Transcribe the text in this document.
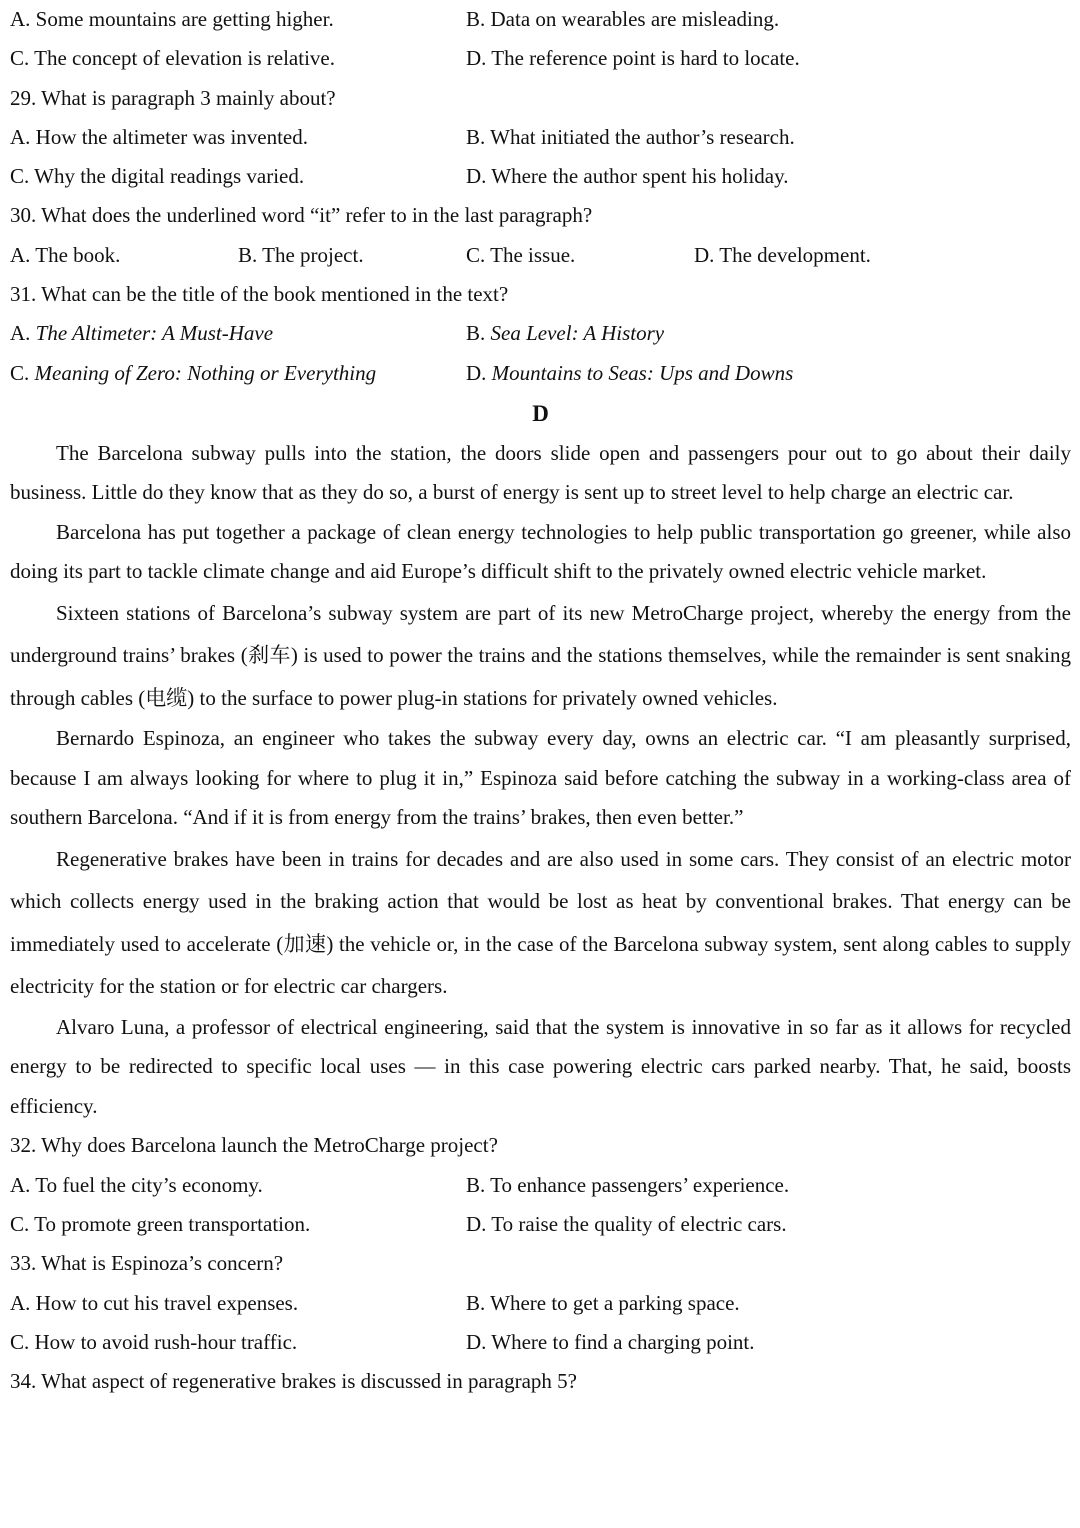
A. Some mountains are getting higher.	B. Data on wearables are misleading.
C. The concept of elevation is relative.	D. The reference point is hard to locate.
29. What is paragraph 3 mainly about?
A. How the altimeter was invented.	B. What initiated the author’s research.
C. Why the digital readings varied.	D. Where the author spent his holiday.
30. What does the underlined word “it” refer to in the last paragraph?
A. The book.	B. The project.	C. The issue.	D. The development.
31. What can be the title of the book mentioned in the text?
A. The Altimeter: A Must-Have	B. Sea Level: A History
C. Meaning of Zero: Nothing or Everything	D. Mountains to Seas: Ups and Downs
D

The Barcelona subway pulls into the station, the doors slide open and passengers pour out to go about their daily business. Little do they know that as they do so, a burst of energy is sent up to street level to help charge an electric car.

Barcelona has put together a package of clean energy technologies to help public transportation go greener, while also doing its part to tackle climate change and aid Europe’s difficult shift to the privately owned electric vehicle market.

Sixteen stations of Barcelona’s subway system are part of its new MetroCharge project, whereby the energy from the underground trains’ brakes (刹车) is used to power the trains and the stations themselves, while the remainder is sent snaking through cables (电缆) to the surface to power plug-in stations for privately owned vehicles.

Bernardo Espinoza, an engineer who takes the subway every day, owns an electric car. “I am pleasantly surprised, because I am always looking for where to plug it in,” Espinoza said before catching the subway in a working-class area of southern Barcelona. “And if it is from energy from the trains’ brakes, then even better.”

Regenerative brakes have been in trains for decades and are also used in some cars. They consist of an electric motor which collects energy used in the braking action that would be lost as heat by conventional brakes. That energy can be immediately used to accelerate (加速) the vehicle or, in the case of the Barcelona subway system, sent along cables to supply electricity for the station or for electric car chargers.

Alvaro Luna, a professor of electrical engineering, said that the system is innovative in so far as it allows for recycled energy to be redirected to specific local uses — in this case powering electric cars parked nearby. That, he said, boosts efficiency.

32. Why does Barcelona launch the MetroCharge project?
A. To fuel the city’s economy.	B. To enhance passengers’ experience.
C. To promote green transportation.	D. To raise the quality of electric cars.
33. What is Espinoza’s concern?
A. How to cut his travel expenses.	B. Where to get a parking space.
C. How to avoid rush-hour traffic.	D. Where to find a charging point.
34. What aspect of regenerative brakes is discussed in paragraph 5?
